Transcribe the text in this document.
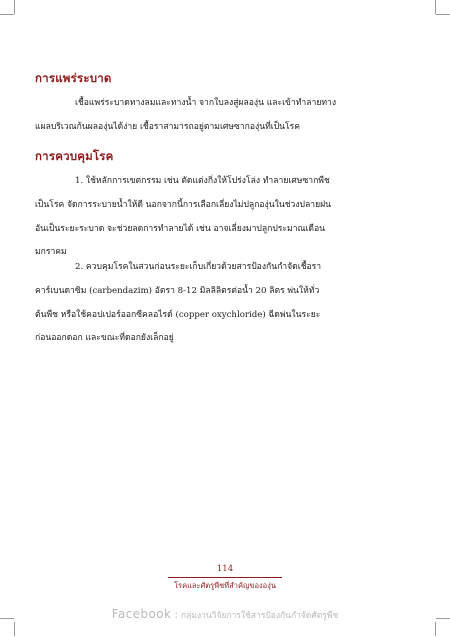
การแพร่ระบาด

เชื้อแพร่ระบาดทางลมและทางน้ำ จากใบลงสู่ผลองุ่น และเข้าทำลายทาง
แผลบริเวณก้นผลองุ่นได้ง่าย เชื้อราสามารถอยู่ตามเศษซากองุ่นที่เป็นโรค

การควบคุมโรค

1. ใช้หลักการเขตกรรม เช่น ตัดแต่งกิ่งให้โปร่งโล่ง ทำลายเศษซากพืช
เป็นโรค จัดการระบายน้ำให้ดี นอกจากนี้การเลือกเลี่ยงไม่ปลูกองุ่นในช่วงปลายฝน
อันเป็นระยะระบาด จะช่วยลดการทำลายได้ เช่น อาจเลี่ยงมาปลูกประมาณเดือน
มกราคม

2. ควบคุมโรคในสวนก่อนระยะเก็บเกี่ยวด้วยสารป้องกันกำจัดเชื้อรา
คาร์เบนดาซิม (carbendazim) อัตรา 8-12 มิลลิลิตรต่อน้ำ 20 ลิตร พ่นให้ทั่ว
ต้นพืช หรือใช้คอปเปอร์ออกซีคลอไรด์ (copper oxychloride) ฉีดพ่นในระยะ
ก่อนออกดอก และขณะที่ดอกยังเล็กอยู่

114

โรคและศัตรูพืชที่สำคัญขององุ่น

Facebook : กลุ่มงานวิจัยการใช้สารป้องกันกำจัดศัตรูพืช
